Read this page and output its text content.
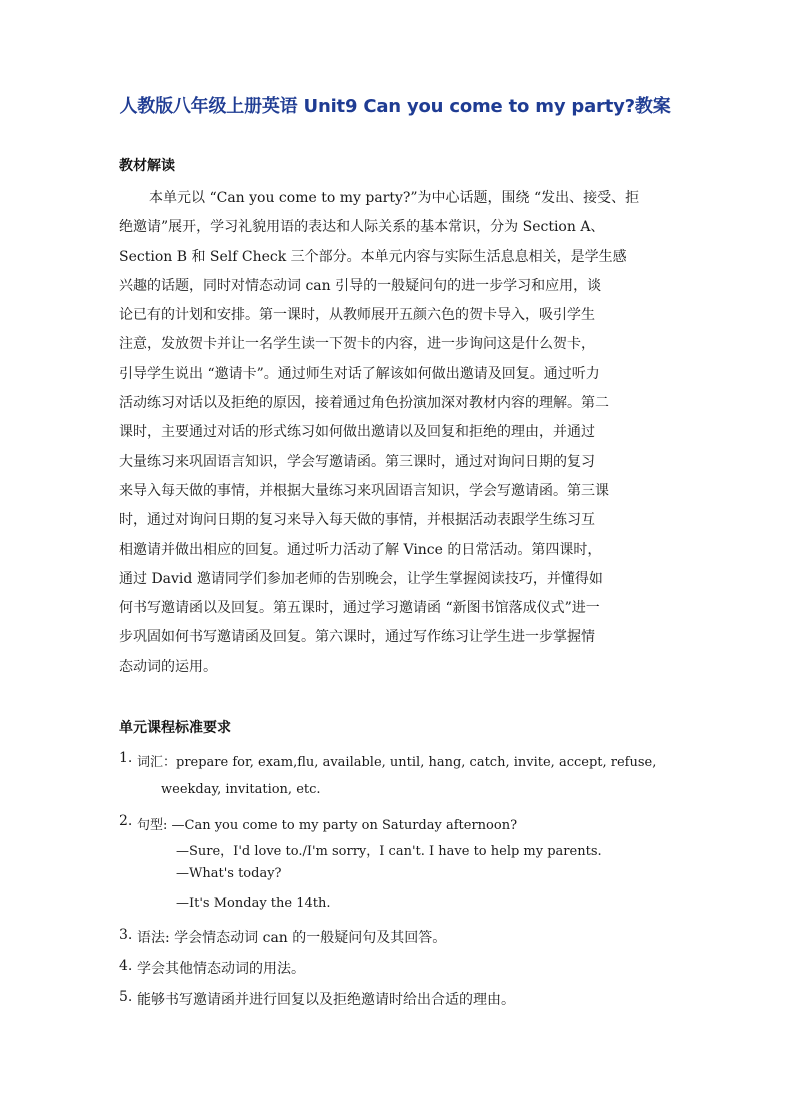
人教版八年级上册英语 Unit9 Can you come to my party?教案
教材解读
本单元以 “Can you come to my party?”为中心话题，围绕 “发出、接受、拒
绝邀请”展开，学习礼貌用语的表达和人际关系的基本常识，分为 Section A、
Section B 和 Self Check 三个部分。本单元内容与实际生活息息相关，是学生感
兴趣的话题，同时对情态动词 can 引导的一般疑问句的进一步学习和应用，谈
论已有的计划和安排。第一课时，从教师展开五颜六色的贺卡导入，吸引学生
注意，发放贺卡并让一名学生读一下贺卡的内容，进一步询问这是什么贺卡，
引导学生说出 “邀请卡”。通过师生对话了解该如何做出邀请及回复。通过听力
活动练习对话以及拒绝的原因，接着通过角色扮演加深对教材内容的理解。第二
课时，主要通过对话的形式练习如何做出邀请以及回复和拒绝的理由，并通过
大量练习来巩固语言知识，学会写邀请函。第三课时，通过对询问日期的复习
来导入每天做的事情，并根据大量练习来巩固语言知识，学会写邀请函。第三课
时，通过对询问日期的复习来导入每天做的事情，并根据活动表跟学生练习互
相邀请并做出相应的回复。通过听力活动了解 Vince 的日常活动。第四课时，
通过 David 邀请同学们参加老师的告别晚会，让学生掌握阅读技巧，并懂得如
何书写邀请函以及回复。第五课时，通过学习邀请函 “新图书馆落成仪式”进一
步巩固如何书写邀请函及回复。第六课时，通过写作练习让学生进一步掌握情
态动词的运用。
单元课程标准要求
1. 词汇：prepare for, exam,flu, available, until, hang, catch, invite, accept, refuse,
weekday, invitation, etc.
2. 句型: —Can you come to my party on Saturday afternoon?
—Sure，I'd love to./I'm sorry，I can't. I have to help my parents.
—What's today?
—It's Monday the 14th.
3. 语法: 学会情态动词 can 的一般疑问句及其回答。
4. 学会其他情态动词的用法。
5. 能够书写邀请函并进行回复以及拒绝邀请时给出合适的理由。
